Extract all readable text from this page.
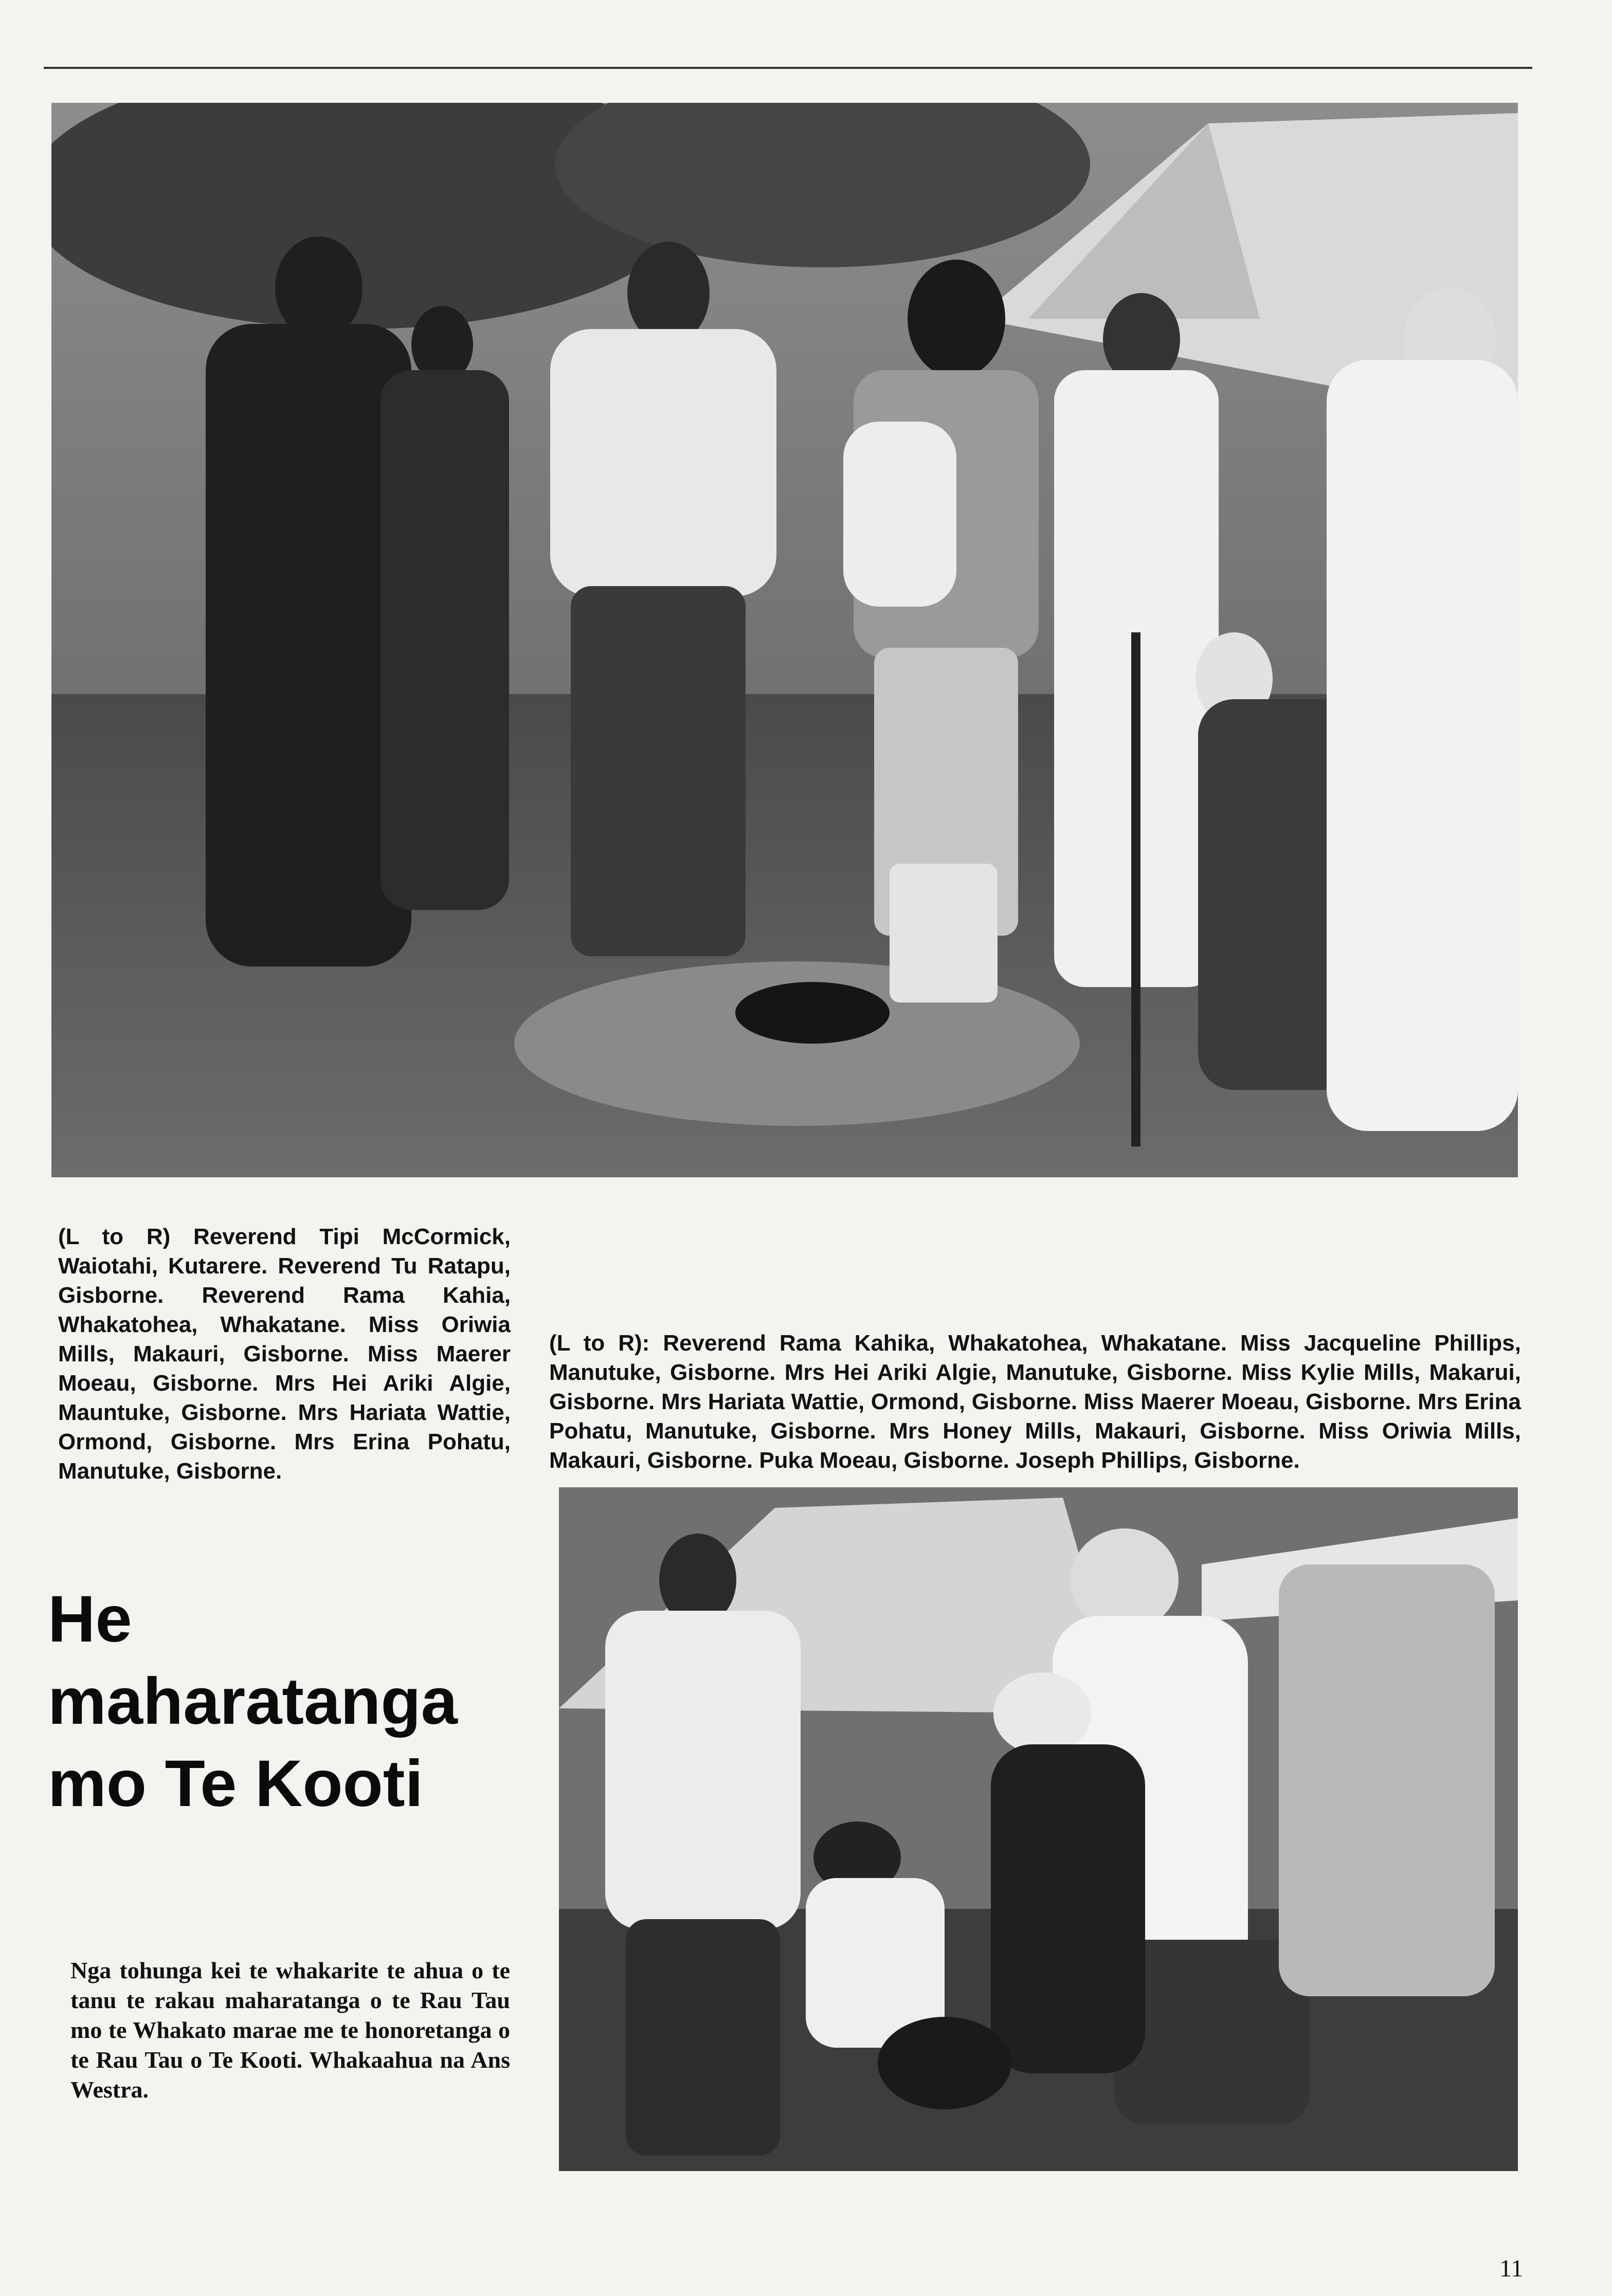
(L to R) Reverend Tipi McCormick, Waiotahi, Kutarere. Reverend Tu Ratapu, Gisborne. Reverend Rama Kahia, Whakatohea, Whakatane. Miss Oriwia Mills, Makauri, Gisborne. Miss Maerer Moeau, Gisborne. Mrs Hei Ariki Algie, Mauntuke, Gisborne. Mrs Hariata Wattie, Ormond, Gisborne. Mrs Erina Pohatu, Manutuke, Gisborne.

(L to R): Reverend Rama Kahika, Whakatohea, Whakatane. Miss Jacqueline Phillips, Manutuke, Gisborne. Mrs Hei Ariki Algie, Manutuke, Gisborne. Miss Kylie Mills, Makarui, Gisborne. Mrs Hariata Wattie, Ormond, Gisborne. Miss Maerer Moeau, Gisborne. Mrs Erina Pohatu, Manutuke, Gisborne. Mrs Honey Mills, Makauri, Gisborne. Miss Oriwia Mills, Makauri, Gisborne. Puka Moeau, Gisborne. Joseph Phillips, Gisborne.

He maharatanga mo Te Kooti

Nga tohunga kei te whakarite te ahua o te tanu te rakau maharatanga o te Rau Tau mo te Whakato marae me te honoretanga o te Rau Tau o Te Kooti. Whakaahua na Ans Westra.

11
